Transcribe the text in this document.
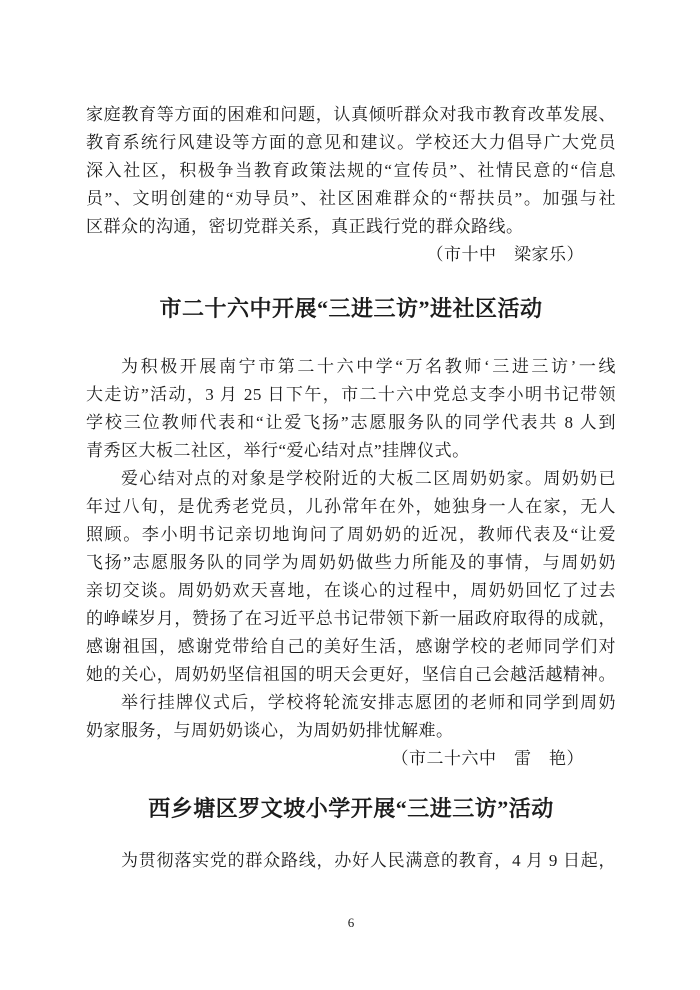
家庭教育等方面的困难和问题，认真倾听群众对我市教育改革发展、
教育系统行风建设等方面的意见和建议。学校还大力倡导广大党员
深入社区，积极争当教育政策法规的“宣传员”、社情民意的“信息
员”、文明创建的“劝导员”、社区困难群众的“帮扶员”。加强与社
区群众的沟通，密切党群关系，真正践行党的群众路线。
（市十中　梁家乐）
市二十六中开展“三进三访”进社区活动
为积极开展南宁市第二十六中学“万名教师‘三进三访’一线
大走访”活动，3 月 25 日下午，市二十六中党总支李小明书记带领
学校三位教师代表和“让爱飞扬”志愿服务队的同学代表共 8 人到
青秀区大板二社区，举行“爱心结对点”挂牌仪式。
爱心结对点的对象是学校附近的大板二区周奶奶家。周奶奶已
年过八旬，是优秀老党员，儿孙常年在外，她独身一人在家，无人
照顾。李小明书记亲切地询问了周奶奶的近况，教师代表及“让爱
飞扬”志愿服务队的同学为周奶奶做些力所能及的事情，与周奶奶
亲切交谈。周奶奶欢天喜地，在谈心的过程中，周奶奶回忆了过去
的峥嵘岁月，赞扬了在习近平总书记带领下新一届政府取得的成就，
感谢祖国，感谢党带给自己的美好生活，感谢学校的老师同学们对
她的关心，周奶奶坚信祖国的明天会更好，坚信自己会越活越精神。
举行挂牌仪式后，学校将轮流安排志愿团的老师和同学到周奶
奶家服务，与周奶奶谈心，为周奶奶排忧解难。
（市二十六中　雷　艳）
西乡塘区罗文坡小学开展“三进三访”活动
为贯彻落实党的群众路线，办好人民满意的教育，4 月 9 日起，
6
